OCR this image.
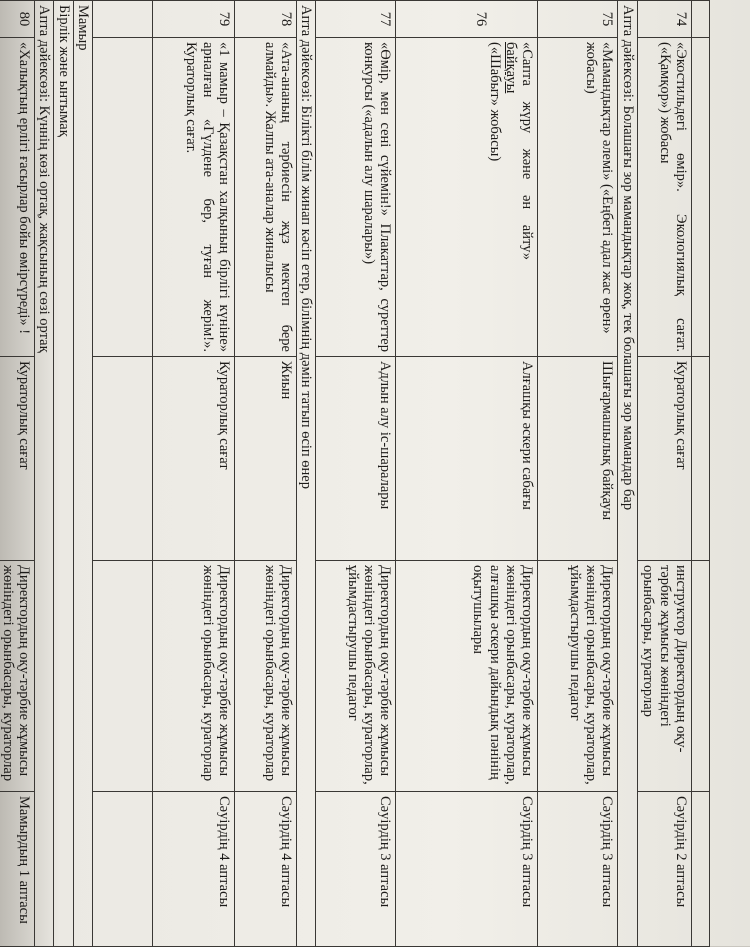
74	«Экостильдегі өмір». Экологиялық сағат. («Қамқор») жобасы	Кураторлық сағат	инструктор Директордың оқу-тәрбие жұмысы жөніндегі орынбасары, кураторлар	Сәуірдің 2 аптасы
Апта дәйексөзі: Болашағы зор мамандықтар жоқ, тек болашағы зор мамандар бар				
75	«Мамандықтар әлемі» («Еңбегі адал жас өрен» жобасы)	Шығармашылық байқауы	Директордың оқу-тәрбие жұмысы жөніндегі орынбасары, кураторлар, ұйымдастырушы педагог	Сәуірдің 3 аптасы
76	«Сапта жүру және ән айту»
байқауы
(«Шабыт» жобасы)	Алғашқы әскери сабағы	Директордың оқу-тәрбие жұмысы жөніндегі орынбасары, кураторлар, алғашқы әскери дайындық пәнінің оқытушылары	Сәуірдің 3 аптасы
77	«Өмір, мен сені сүйемін!» Плакаттар, суреттер конкурсы («адалын алу шаралары»)	Адлын алу іс-шаралары	Директордың оқу-тәрбие жұмысы жөніндегі орынбасары, кураторлар, ұйымдастырушы педагог	Сәуірдің 3 аптасы
Апта дәйексөзі: Білікті білім жинап кәсіп етер, білімнің дәмін татып өсіп өнер				
78	«Ата-ананың тәрбиесін жұз мектеп бере алмайды». Жалпы ата-аналар жиналысы	Жиын	Директордың оқу-тәрбие жұмысы жөніндегі орынбасары, кураторлар	Сәуірдің 4 аптасы
79	«1 мамыр – Қазақстан халқының бірлігі күніне» арналған «Гүлдене бер, туған жерім!». Кураторлық сағат.	Кураторлық сағат	Директордың оқу-тәрбие жұмысы жөніндегі орынбасары, кураторлар	Сәуірдің 4 аптасы

Мамыр				
Бірлік және ынтымақ				
Апта дәйексөзі: Күннің көзі ортақ, жақсының сөзі ортақ				
80	«Халықтың ерлігі ғасырлар бойы өмірсүреді» !	Кураторлық сағат	Директордың оқу-тәрбие жұмысы жөніндегі орынбасары, кураторлар	Мамырдың 1 аптасы
